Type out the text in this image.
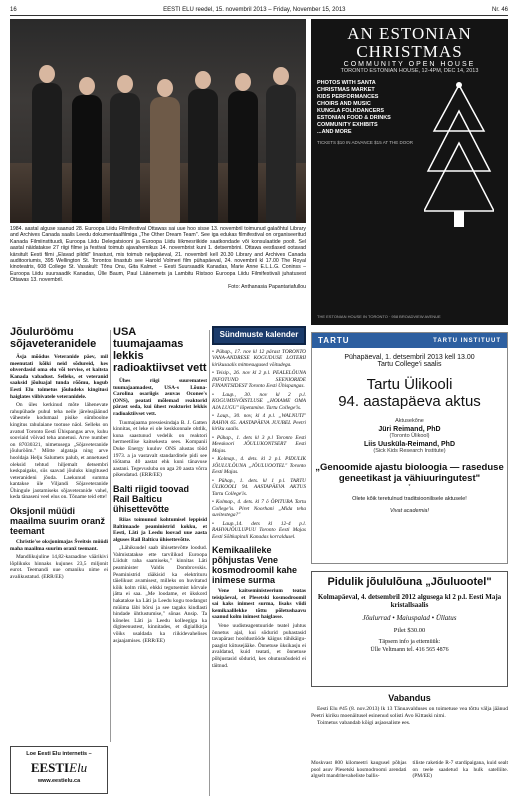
16	EESTI ELU reedel, 15. novembril 2013 – Friday, November 15, 2013	Nr. 46
1984. aastal alguse saanud 28. Euroopa Liidu Filmifestival Ottawas sai uue hoo sisse 13. novembril toimunud galaõhtul Library and Archives Canada saalis Leedu dokumentaalfilmiga „The Other Dream Team". See iga edukas filmifestival on organiseeritud Kanada Filmiinstituudi, Euroopa Liidu Delegatsiooni ja Euroopa Liidu liikmesriikide saatkondade või konsulaatide poolt. Sel aastal näidatakse 27 riigi filme ja festival toimub ajavahemikus 14. novembrist kuni 1. detsembrini. Ottawa eestlased ootavad kärsitult Eesti filmi „Elavad pildid" linastust, mis toimub neljapäeval, 21. novembril kell 20.30 Library and Archives Canada auditooriumis, 395 Wellington St. Torontos linastub see Harold Volmeri film pühapäeval, 24. novembril kl 17.00 The Royal kinoteatris, 608 College St. Vasakult: Tõnu Onu, Gita Kalmet – Eesti Suursaadik Kanadas, Marie Anne E.L.L.G. Coninss – Euroopa Liidu suursaadik Kanadas, Ülle Baum, Paul Läänemets ja Lambitu Ristsoo Euroopa Liidu Filmifestivali juhatusest Ottawas 13. novembril.
Foto: Anthanasia Papantariafullou
Jõuluröömu sõjaveteranidele

Äsja mõödus Veteranide päev, mil meenutati kõiki neid sõdureid, kes ohverdasid oma elu või tervise, et kaitsta Kanada vabadust. Selleks, et veteranid saaksid jõuluajal tunda rõõmu, kogub Eesti Elu toimetus jõuludeks kingitusi haiglates viibivatele veteranidele.

On üles kerkinud mõte lähenevate rahupühade puhul teha neile järeleajäänud vähestele kodumaal pisike sümboolne kingitus rahulaiane tootuse näol. Selleks on avatud Toronto Eesti Ühispangas arve, kuhu sooviaid võivad teha annetusi. Arve number on 87030321, nimetusega „Sõjaveteranide jõuluröõm." Mõtte algataja ning arve hooldaja Helju Salumets palub, et annetused oleksid tehtud hiljemalt detsembri keskpaigaks, siis saavad jõuluks kingitused veteranideni jõuda. Laekunud summa kantakse üle Viljandi Sõjaveteranide Ühingule jaotamiseks sõjaveteranide vahel, keda tänaseni veel elus on. Tõname teid ette!

Oksjonil müüdi maailma suurim oranž teemant

Christie'se oksjonimajas Šveitsis müüdi maha maailma suurim oranž teemant.

Mandlikujuline 14,82-karaadine väärikivi lõplikuks hinnaks kujunes 23,5 miljonit eurot. Teemandi uue omaniku nime ei avalikustatud. (ERR/EE)

Loe Eesti Elu internetis –
EESTIElu
www.eestielu.ca
USA tuumajaamas lekkis radioaktiivset vett

Ühes riigi suurematest tuumajaamadest, USA-s Lõuna-Carolina osariigis asuvas Oconee's (ONS), peatati mõlemad reaktorid pärast seda, kui ühest reaktorist lekkis radioaktiivset vett.

Tuumajaama pressiesindaja B. J. Gatten kinnitas, et leke ei ole keskkonnale ohtlik, kuna saastunud vedelik on reaktori hermeetilise kaitsekesta sees. Kompanii Duke Energy kuuluv ONS alustas tööd 1973. a ja vastavalt standarditele pidi see töötama 40 aastat ehk kuni tänavuse aastani. Tegevusluba on aga 20 aasta võrra pikendatud. (ERR/EE)

Balti riigid toovad Rail Balticu ühisettevõtte

Riias toimunud kohtumisel leppisid Baltimaade peaministrid kokku, et Eesti, Läti ja Leedu loovad uue aasta alguses Rail Balticu ühisettevõtte.

„Lähikuudel saab ühisettevõtte loodud. Valmistatakse ette tarvilikud Euroopa Liidult raha saamiseks," kinnitas Läti peaminister Valdis Dombrovskis. Peaministrid rääkisid ka elektrituru täielikust avamisest, milleks on huvitatud kõik kolm riiki, ehkki tegutsemist kõrvale jätta ei saa. „Me loodame, et ükskord hakatakse ka Läti ja Leedu kogu toodangut müüma läbi börsi ja see tagaks kindlasti hindade ühtlustumise," sõnas Ansip. Ta kõneles Läti ja Leedu kolleegiga ka digiteenustest, kinnitades, et digiallkirja võiks usaldada ka riikidevahelises asjaajamises. (ERR/EE)

Sündmuste kalender
• Pühap., 17. nov kl 12 pärast TORONTO VANA-ANDRESE KOGUDUSE LOTERII kirikusaalis mitmesugused võitudega.
• Teisip., 26. nov kl 2 p.l. PEALELÕUNA INFOTUND SEENIORIDE FINANTSIDEST Toronto Eesti Ühispangas.
• Laup., 30. nov kl 2 p.l. KOGUMISVÕISTLUSE „HOIAME OMA AJA LUGU" lõpetamine. Tartu College'is.
• Laup., 30. nov, kl 4 p.l. „WALNUTI" RAHVA 65. AASTAPÄEVA JUUBEL Peetri kiriku saalis.
• Pühap., 1. dets kl 3 p.l Toronto Eesti Meeskoori JÕULUKONTSERT Eesti Majas.
• Kolmap., 4. dets. kl 2 p.l. PIDULIK JÕULULÕUNA „JÕULUOOTEL" Toronto Eesti Majas.
• Pühap., 1. dets. kl 1 p.l. TARTU ÜLIKOOLI 94. AASTAPÄEVA AKTUS Tartu College'is.
• Kolmap., 4. dets. kl 7 õ ÕPITUBA Tartu College'is. Piret Noorhani „Mida teha suvitestega?"
• Laup.,14. dets kl 12-4 p.l. RAHVAJÕULUPUU Toronto Eesti Majas Eesti Sõltkapitali Kanadas korraldusel.
Kemikaalileke põhjustas Vene kosmodroomil kahe inimese surma

Vene kaitseministeerium teatas teisipäeval, et Plesetski kosmodroomil sai kaks inimest surma, lisaks viidi kemikaalilekke tõttu põletushaavu saanud kolm inimest haiglasse.

Vene uudisteagentuuride teatel juhtus õnnetus ajal, kui sõdurid puhastasid tavapärast hooldustööde käigus tühikäigu-paagist kütusejääke. Õnnetuse üksikasju ei avaldatud, kuid teatati, et õnnetuse põhjustasid sõdurid, kes ohutusnõudeid ei täitnud.

AN ESTONIAN CHRISTMAS
COMMUNITY OPEN HOUSE
TORONTO ESTONIAN HOUSE, 12-4PM, DEC 14, 2013
PHOTOS WITH SANTA
CHRISTMAS MARKET
KIDS PERFORMANCES
CHOIRS AND MUSIC
KUNGLA FOLKDANCERS
ESTONIAN FOOD & DRINKS
COMMUNITY EXHIBITS
...AND MORE
TICKETS $10 IN ADVANCE $15 AT THE DOOR
THE ESTONIAN HOUSE IN TORONTO · 958 BROADVIEW AVENUE
TARTU	TARTU INSTITUUT
Pühapäeval, 1. detsembril 2013 kell 13.00
Tartu College'i saalis
Tartu Ülikooli
94. aastapäeva aktus
Aktusekõne
Jüri Reimand, PhD
(Toronto Ülikool)
Liis Uusküla-Reimand, PhD
(Sick Kids Research Institute)
„Genoomide ajastu bioloogia — raseduse geneetikast ja vähiuuringutest"
*
Olete kõik teretulnud traditsioonilisele aktusele!
Vivat academia!
Pidulik jõululõuna „Jõuluootel"
Kolmapäeval, 4. detsembril 2012 algusega kl 2 p.l. Eesti Maja kristallsaalis
Jõulurrad • Maiuspalad • Üllatus
Pilet $30.00
Täpsem info ja ettemüük:
Ülle Veltmann tel. 416 565 4876
Vabandus

Eesti Elu #45 (8. nov.2013) lk 13 Tänuavalduses on toimetuse vea tõttu välja jäänud Peetri kiriku moenäitusel esinenud solisti Avo Kittaski nimi.

Toimetus vabandab kõigi asjaosaliste ees.

Moskvast 800 kilomeetri kaugusel põhjas pool asuv Plesetski kosmodroomi arendati algselt mandritevaheliste ballis-
tiliste raketide R-7 stardipaigana, kuid sealt on teele saadetud ka hulk satelliite. (PM/EE)
